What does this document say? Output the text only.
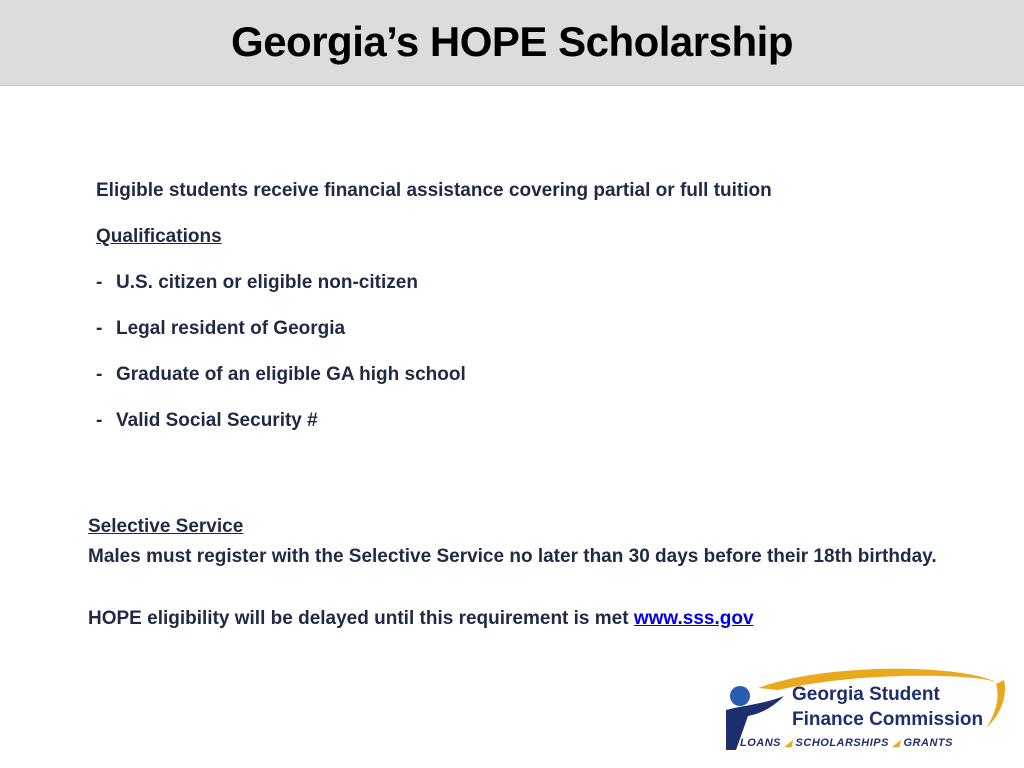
Georgia’s HOPE Scholarship
Eligible students receive financial assistance covering partial or full tuition
Qualifications
- U.S. citizen or eligible non-citizen
- Legal resident of Georgia
- Graduate of an eligible GA high school
- Valid Social Security #
Selective Service
Males must register with the Selective Service no later than 30 days before their 18th birthday.
HOPE eligibility will be delayed until this requirement is met www.sss.gov
Georgia Student
Finance Commission
LOANS ◢ SCHOLARSHIPS ◢ GRANTS
